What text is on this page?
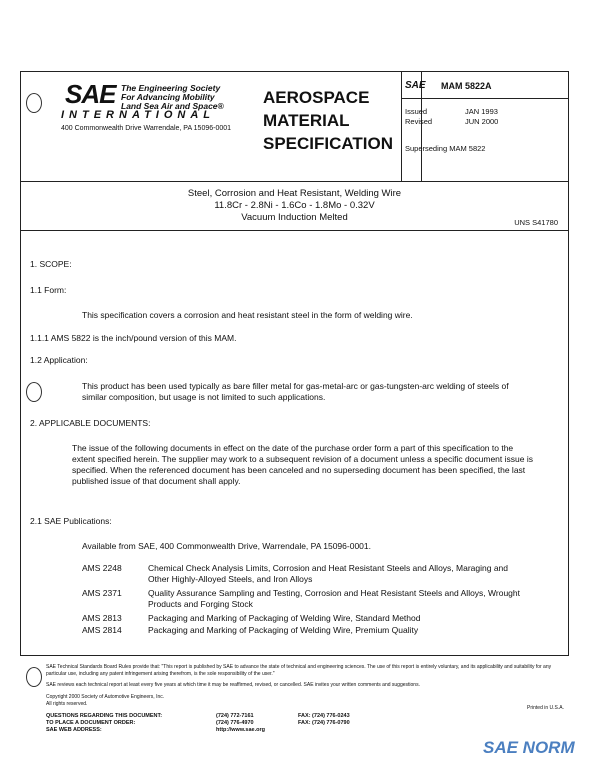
SAE The Engineering Society
For Advancing Mobility
Land Sea Air and Space®
INTERNATIONAL
400 Commonwealth Drive Warrendale, PA 15096-0001
AEROSPACE
MATERIAL
SPECIFICATION
SAE MAM 5822A
Issued	JAN 1993
Revised	JUN 2000
Superseding MAM 5822
Steel, Corrosion and Heat Resistant, Welding Wire
11.8Cr - 2.8Ni - 1.6Co - 1.8Mo - 0.32V
Vacuum Induction Melted	UNS S41780
1. SCOPE:
1.1 Form:
This specification covers a corrosion and heat resistant steel in the form of welding wire.
1.1.1 AMS 5822 is the inch/pound version of this MAM.
1.2 Application:
This product has been used typically as bare filler metal for gas-metal-arc or gas-tungsten-arc welding of steels of similar composition, but usage is not limited to such applications.
2. APPLICABLE DOCUMENTS:
The issue of the following documents in effect on the date of the purchase order form a part of this specification to the extent specified herein. The supplier may work to a subsequent revision of a document unless a specific document issue is specified. When the referenced document has been canceled and no superseding document has been specified, the last published issue of that document shall apply.
2.1 SAE Publications:
Available from SAE, 400 Commonwealth Drive, Warrendale, PA 15096-0001.
AMS 2248	Chemical Check Analysis Limits, Corrosion and Heat Resistant Steels and Alloys, Maraging and Other Highly-Alloyed Steels, and Iron Alloys
AMS 2371	Quality Assurance Sampling and Testing, Corrosion and Heat Resistant Steels and Alloys, Wrought Products and Forging Stock
AMS 2813	Packaging and Marking of Packaging of Welding Wire, Standard Method
AMS 2814	Packaging and Marking of Packaging of Welding Wire, Premium Quality
SAE Technical Standards Board Rules provide that: "This report is published by SAE to advance the state of technical and engineering sciences. The use of this report is entirely voluntary, and its applicability and suitability for any particular use, including any patent infringement arising therefrom, is the sole responsibility of the user."
SAE reviews each technical report at least every five years at which time it may be reaffirmed, revised, or cancelled. SAE invites your written comments and suggestions.
Copyright 2000 Society of Automotive Engineers, Inc.
All rights reserved.
Printed in U.S.A.
QUESTIONS REGARDING THIS DOCUMENT:	(724) 772-7161	FAX: (724) 776-0243
TO PLACE A DOCUMENT ORDER:	(724) 776-4970	FAX: (724) 776-0790
SAE WEB ADDRESS:	http://www.sae.org
SAE NORM
